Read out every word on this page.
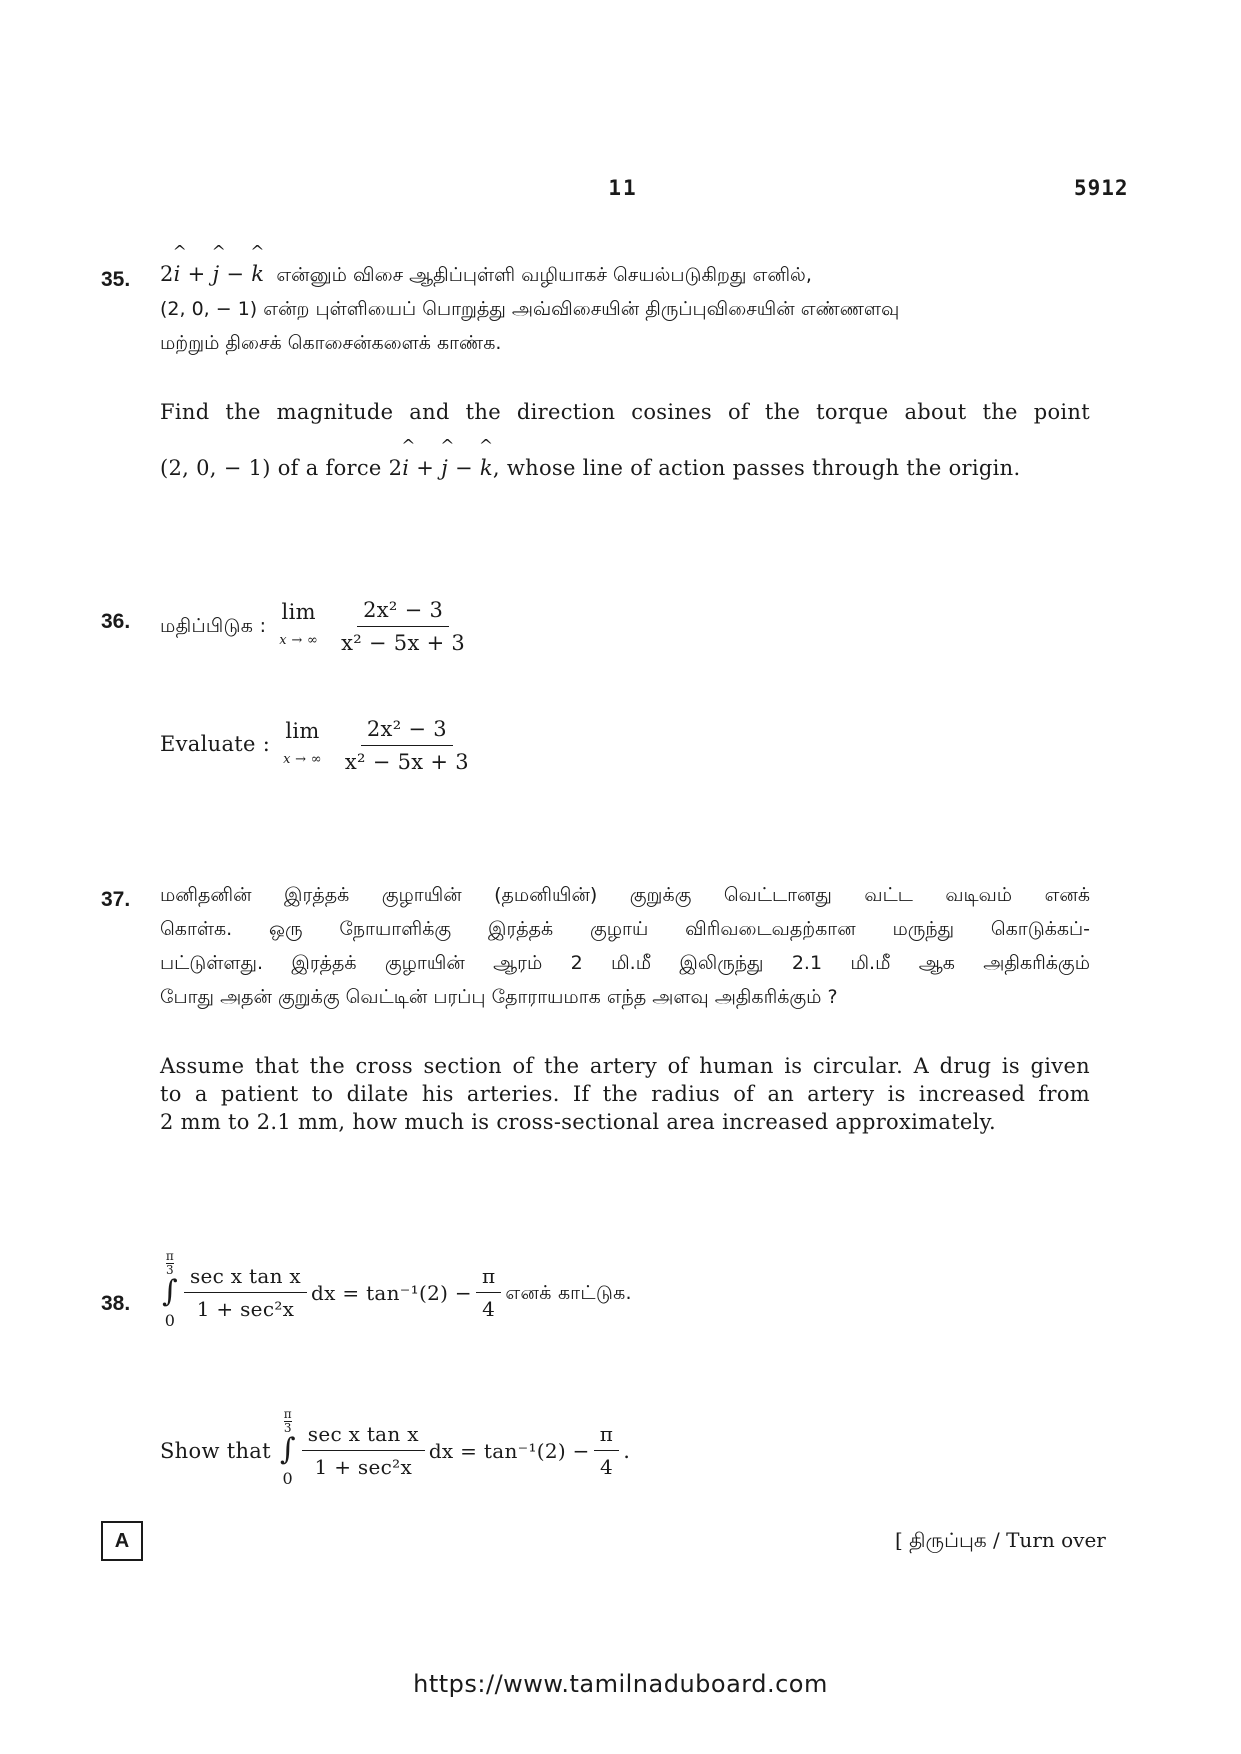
11	5912
35. 2^ i + ^ j − ^ k என்னும் விசை ஆதிப்புள்ளி வழியாகச் செயல்படுகிறது எனில்,
(2, 0, − 1) என்ற புள்ளியைப் பொறுத்து அவ்விசையின் திருப்புவிசையின் எண்ணளவு
மற்றும் திசைக் கொசைன்களைக் காண்க.
Find the magnitude and the direction cosines of the torque about the point
(2, 0, − 1) of a force 2^ i + ^ j − ^ k, whose line of action passes through the origin.
36. மதிப்பிடுக :
lim
x → ∞
$\frac{\text{2x² − 3}}{\text{x² − 5x + 3}}$
Evaluate :
lim
x → ∞
$\frac{\text{2x² − 3}}{\text{x² − 5x + 3}}$
37. மனிதனின் இரத்தக் குழாயின் (தமனியின்) குறுக்கு வெட்டானது வட்ட வடிவம் எனக்
கொள்க. ஒரு நோயாளிக்கு இரத்தக் குழாய் விரிவடைவதற்கான மருந்து கொடுக்கப்-
பட்டுள்ளது. இரத்தக் குழாயின் ஆரம் 2 மி.மீ இலிருந்து 2.1 மி.மீ ஆக அதிகரிக்கும்
போது அதன் குறுக்கு வெட்டின் பரப்பு தோராயமாக எந்த அளவு அதிகரிக்கும் ?
Assume that the cross section of the artery of human is circular. A drug is given
to a patient to dilate his arteries. If the radius of an artery is increased from
2 mm to 2.1 mm, how much is cross-sectional area increased approximately.
38.
$\frac{\pi}{3}$
∫
$0 \frac{\text{sec x tan x}}{\text{1 + sec²x}}$ dx = $\tan^{-1}(2) - \frac{\pi}{4}$ எனக் காட்டுக.
Show that

$\frac{\pi}{3}$
∫
$0 \frac{\text{sec x tan x}}{\text{1 + sec²x}}$ dx = $\tan^{-1}(2) - \frac{\pi}{4}$ .
A	[ திருப்புக / Turn over
https://www.tamilnaduboard.com
